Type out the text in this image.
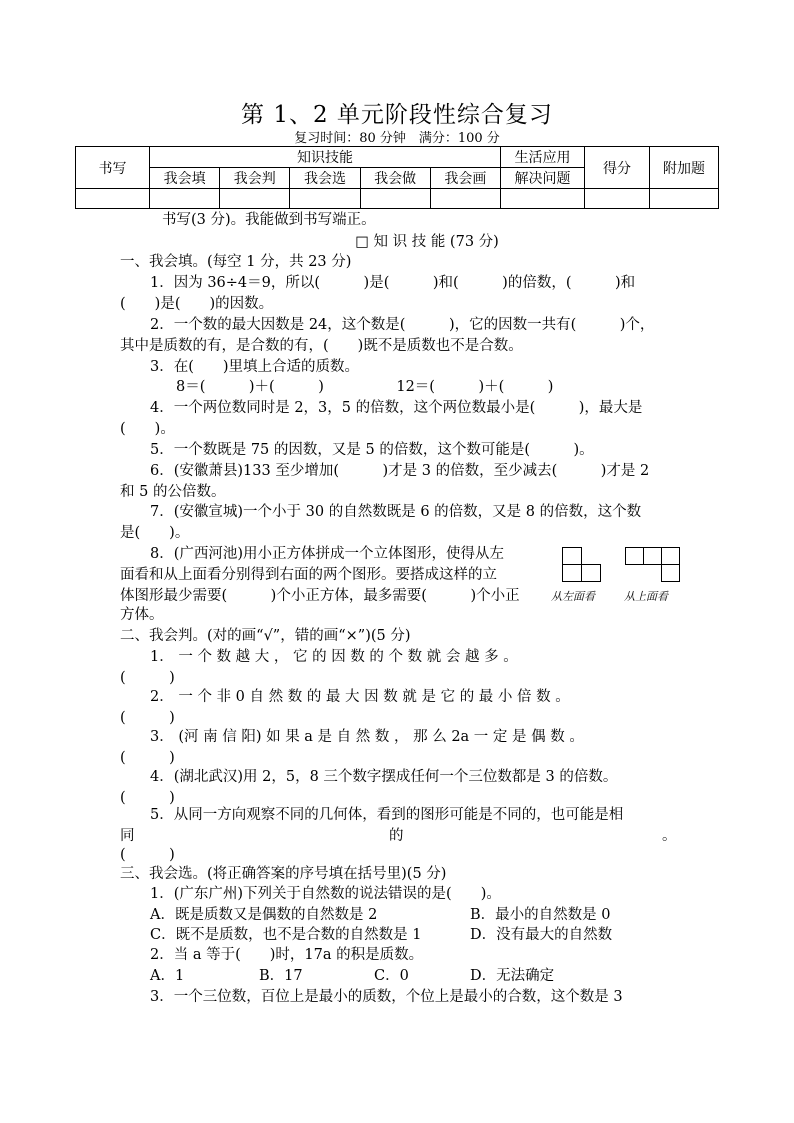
第 1、2 单元阶段性综合复习
复习时间：80 分钟　满分：100 分
书写	知识技能					生活应用	得分	附加题
	我会填	我会判	我会选	我会做	我会画	解决问题		

书写(3 分)。我能做到书写端正。
□ 知 识 技 能 (73 分)
一、我会填。(每空 1 分，共 23 分)
1．因为 36÷4＝9，所以(　　　)是(　　　)和(　　　)的倍数，(　　　)和
(　　)是(　　)的因数。
2．一个数的最大因数是 24，这个数是(　　　)，它的因数一共有(　　　)个，
其中是质数的有，是合数的有，(　　)既不是质数也不是合数。
3．在(　　)里填上合适的质数。
8＝(　　　)＋(　　　)　　　　　12＝(　　　)＋(　　　)
4．一个两位数同时是 2，3，5 的倍数，这个两位数最小是(　　　)，最大是
(　　)。
5．一个数既是 75 的因数，又是 5 的倍数，这个数可能是(　　　)。
6．(安徽萧县)133 至少增加(　　　)才是 3 的倍数，至少减去(　　　)才是 2
和 5 的公倍数。
7．(安徽宣城)一个小于 30 的自然数既是 6 的倍数，又是 8 的倍数，这个数
是(　　)。
8．(广西河池)用小正方体拼成一个立体图形，使得从左
面看和从上面看分别得到右面的两个图形。要搭成这样的立
体图形最少需要(　　　)个小正方体，最多需要(　　　)个小正
方体。
从左面看	从上面看
二、我会判。(对的画“√”，错的画“×”)(5 分)
1． 一 个 数 越 大 ， 它 的 因 数 的 个 数 就 会 越 多 。
(　　　)
2． 一 个 非 0 自 然 数 的 最 大 因 数 就 是 它 的 最 小 倍 数 。
(　　　)
3． (河 南 信 阳) 如 果 a 是 自 然 数 ， 那 么 2a 一 定 是 偶 数 。
(　　　)
4．(湖北武汉)用 2，5，8 三个数字摆成任何一个三位数都是 3 的倍数。
(　　　)
5．从同一方向观察不同的几何体，看到的图形可能是不同的，也可能是相
同	的	。
(　　　)
三、我会选。(将正确答案的序号填在括号里)(5 分)
1．(广东广州)下列关于自然数的说法错误的是(　　)。
A．既是质数又是偶数的自然数是 2	B．最小的自然数是 0
C．既不是质数，也不是合数的自然数是 1	D．没有最大的自然数
2．当 a 等于(　　)时，17a 的积是质数。
A．1	B．17	C．0	D．无法确定
3．一个三位数，百位上是最小的质数，个位上是最小的合数，这个数是 3
